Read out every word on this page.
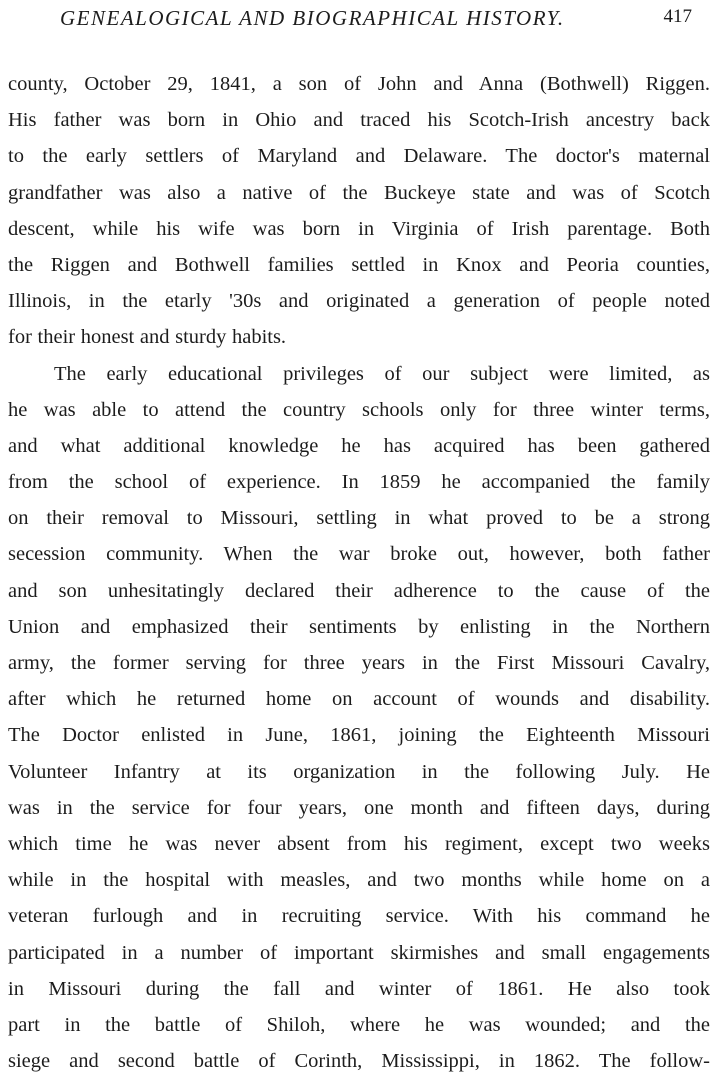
GENEALOGICAL AND BIOGRAPHICAL HISTORY.	417
county, October 29, 1841, a son of John and Anna (Bothwell) Riggen.
His father was born in Ohio and traced his Scotch-Irish ancestry back
to the early settlers of Maryland and Delaware. The doctor's maternal
grandfather was also a native of the Buckeye state and was of Scotch
descent, while his wife was born in Virginia of Irish parentage. Both
the Riggen and Bothwell families settled in Knox and Peoria counties,
Illinois, in the etarly '30s and originated a generation of people noted
for their honest and sturdy habits.
The early educational privileges of our subject were limited, as
he was able to attend the country schools only for three winter terms,
and what additional knowledge he has acquired has been gathered
from the school of experience. In 1859 he accompanied the family
on their removal to Missouri, settling in what proved to be a strong
secession community. When the war broke out, however, both father
and son unhesitatingly declared their adherence to the cause of the
Union and emphasized their sentiments by enlisting in the Northern
army, the former serving for three years in the First Missouri Cavalry,
after which he returned home on account of wounds and disability.
The Doctor enlisted in June, 1861, joining the Eighteenth Missouri
Volunteer Infantry at its organization in the following July. He
was in the service for four years, one month and fifteen days, during
which time he was never absent from his regiment, except two weeks
while in the hospital with measles, and two months while home on a
veteran furlough and in recruiting service. With his command he
participated in a number of important skirmishes and small engagements
in Missouri during the fall and winter of 1861. He also took
part in the battle of Shiloh, where he was wounded; and the
siege and second battle of Corinth, Mississippi, in 1862. The follow-
